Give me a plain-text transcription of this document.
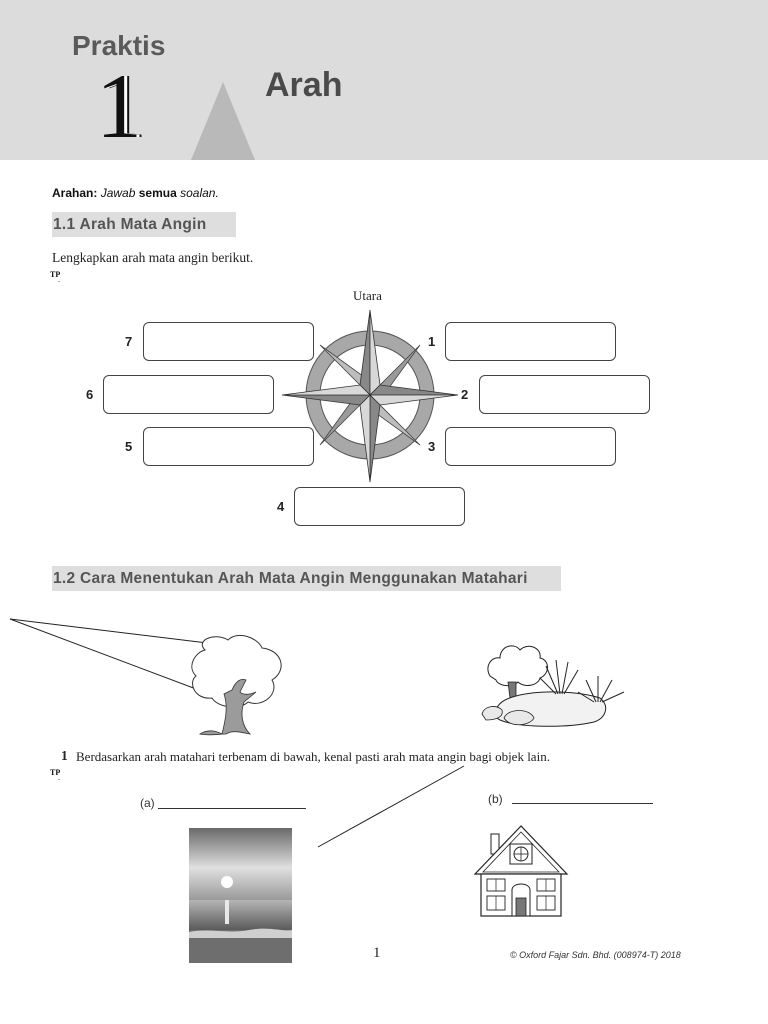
Praktis
1	Arah
Arahan: Jawab semua soalan.
1.1 Arah Mata Angin
Lengkapkan arah mata angin berikut.
TP
-
Utara
1
2
3
4
5
6
7
1.2 Cara Menentukan Arah Mata Angin Menggunakan Matahari
1 Berdasarkan arah matahari terbenam di bawah, kenal pasti arah mata angin bagi objek lain.
TP
-
(a)	(b)
1	© Oxford Fajar Sdn. Bhd. (008974-T) 2018
